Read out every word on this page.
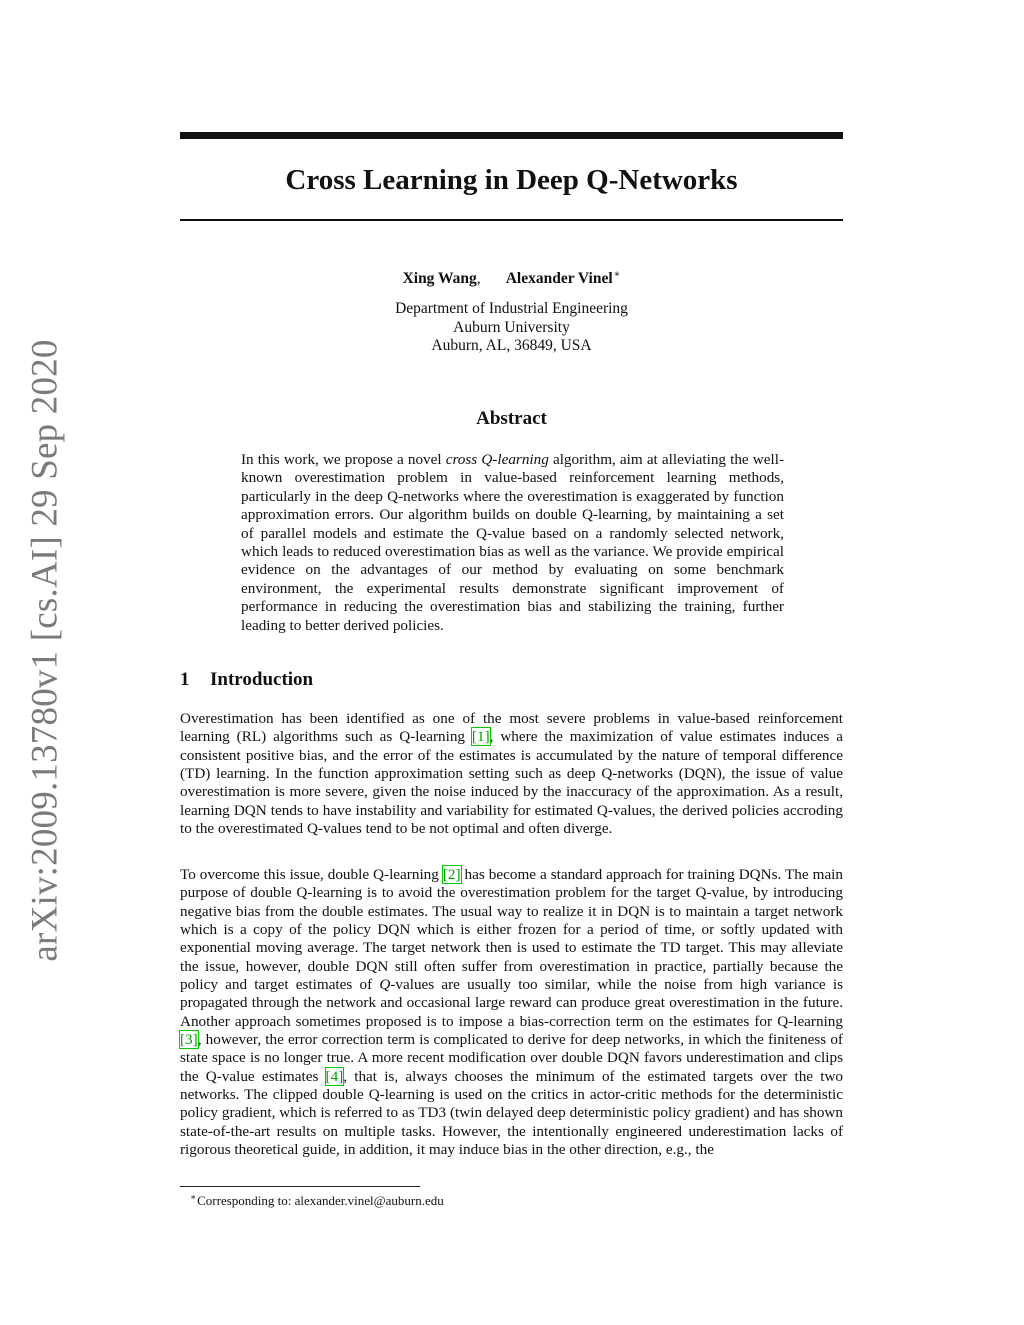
arXiv:2009.13780v1 [cs.AI] 29 Sep 2020
Cross Learning in Deep Q-Networks
Xing Wang, Alexander Vinel∗
Department of Industrial Engineering
Auburn University
Auburn, AL, 36849, USA
Abstract

In this work, we propose a novel cross Q-learning algorithm, aim at alleviating the well-known overestimation problem in value-based reinforcement learning methods, particularly in the deep Q-networks where the overestimation is exaggerated by function approximation errors. Our algorithm builds on double Q-learning, by maintaining a set of parallel models and estimate the Q-value based on a randomly selected network, which leads to reduced overestimation bias as well as the variance. We provide empirical evidence on the advantages of our method by evaluating on some benchmark environment, the experimental results demonstrate significant improvement of performance in reducing the overestimation bias and stabilizing the training, further leading to better derived policies.

1 Introduction

Overestimation has been identified as one of the most severe problems in value-based reinforcement learning (RL) algorithms such as Q-learning [1], where the maximization of value estimates induces a consistent positive bias, and the error of the estimates is accumulated by the nature of temporal difference (TD) learning. In the function approximation setting such as deep Q-networks (DQN), the issue of value overestimation is more severe, given the noise induced by the inaccuracy of the approximation. As a result, learning DQN tends to have instability and variability for estimated Q-values, the derived policies accroding to the overestimated Q-values tend to be not optimal and often diverge.

To overcome this issue, double Q-learning [2] has become a standard approach for training DQNs. The main purpose of double Q-learning is to avoid the overestimation problem for the target Q-value, by introducing negative bias from the double estimates. The usual way to realize it in DQN is to maintain a target network which is a copy of the policy DQN which is either frozen for a period of time, or softly updated with exponential moving average. The target network then is used to estimate the TD target. This may alleviate the issue, however, double DQN still often suffer from overestimation in practice, partially because the policy and target estimates of Q-values are usually too similar, while the noise from high variance is propagated through the network and occasional large reward can produce great overestimation in the future. Another approach sometimes proposed is to impose a bias-correction term on the estimates for Q-learning [3], however, the error correction term is complicated to derive for deep networks, in which the finiteness of state space is no longer true. A more recent modification over double DQN favors underestimation and clips the Q-value estimates [4], that is, always chooses the minimum of the estimated targets over the two networks. The clipped double Q-learning is used on the critics in actor-critic methods for the deterministic policy gradient, which is referred to as TD3 (twin delayed deep deterministic policy gradient) and has shown state-of-the-art results on multiple tasks. However, the intentionally engineered underestimation lacks of rigorous theoretical guide, in addition, it may induce bias in the other direction, e.g., the

∗Corresponding to: alexander.vinel@auburn.edu
